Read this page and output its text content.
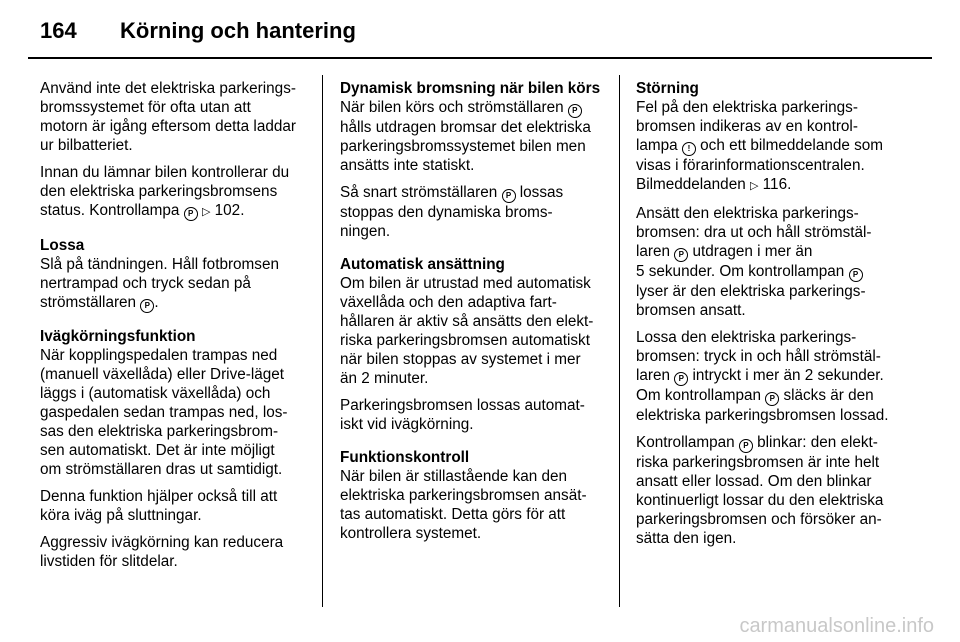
164 Körning och hantering

Använd inte det elektriska parkerings-
bromssystemet för ofta utan att
motorn är igång eftersom detta laddar
ur bilbatteriet.

Innan du lämnar bilen kontrollerar du
den elektriska parkeringsbromsens
status. Kontrollampa P ▷ 102.

Lossa

Slå på tändningen. Håll fotbromsen
nertrampad och tryck sedan på
strömställaren P .

Ivägkörningsfunktion

När kopplingspedalen trampas ned
(manuell växellåda) eller Drive-läget
läggs i (automatisk växellåda) och
gaspedalen sedan trampas ned, los-
sas den elektriska parkeringsbrom-
sen automatiskt. Det är inte möjligt
om strömställaren dras ut samtidigt.

Denna funktion hjälper också till att
köra iväg på sluttningar.

Aggressiv ivägkörning kan reducera
livstiden för slitdelar.

Dynamisk bromsning när bilen körs

När bilen körs och strömställaren P
hålls utdragen bromsar det elektriska
parkeringsbromssystemet bilen men
ansätts inte statiskt.

Så snart strömställaren P lossas
stoppas den dynamiska broms-
ningen.

Automatisk ansättning

Om bilen är utrustad med automatisk
växellåda och den adaptiva fart-
hållaren är aktiv så ansätts den elekt-
riska parkeringsbromsen automatiskt
när bilen stoppas av systemet i mer
än 2 minuter.

Parkeringsbromsen lossas automat-
iskt vid ivägkörning.

Funktionskontroll

När bilen är stillastående kan den
elektriska parkeringsbromsen ansät-
tas automatiskt. Detta görs för att
kontrollera systemet.

Störning

Fel på den elektriska parkerings-
bromsen indikeras av en kontrol-
lampa ! och ett bilmeddelande som
visas i förarinformationscentralen.
Bilmeddelanden ▷ 116.

Ansätt den elektriska parkerings-
bromsen: dra ut och håll strömstäl-
laren P utdragen i mer än
5 sekunder. Om kontrollampan P
lyser är den elektriska parkerings-
bromsen ansatt.

Lossa den elektriska parkerings-
bromsen: tryck in och håll strömstäl-
laren P intryckt i mer än 2 sekunder.
Om kontrollampan P släcks är den
elektriska parkeringsbromsen lossad.

Kontrollampan P blinkar: den elekt-
riska parkeringsbromsen är inte helt
ansatt eller lossad. Om den blinkar
kontinuerligt lossar du den elektriska
parkeringsbromsen och försöker an-
sätta den igen.

carmanualsonline.info
